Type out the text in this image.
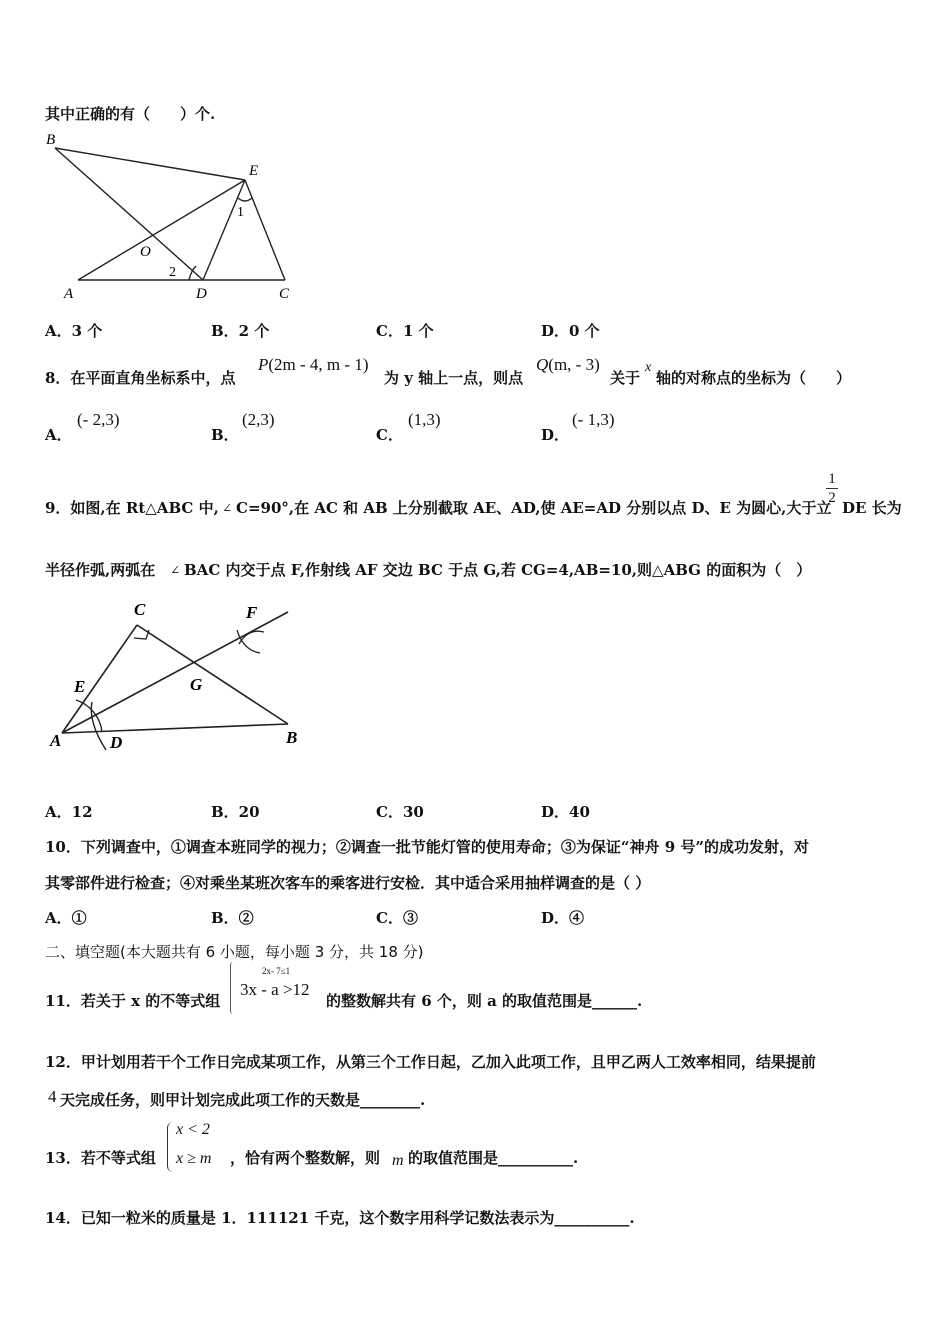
其中正确的有（　　）个.
B
E
O
A	D	C
1
2
A．3 个	B．2 个	C．1 个	D．0 个
8．在平面直角坐标系中，点
P(2m - 4, m - 1)
为 y 轴上一点，则点
Q(m, - 3)
关于
x
轴的对称点的坐标为（　　）
A．
(- 2,3)
B．
(2,3)
C．
(1,3)
D．
(- 1,3)
9．如图,在 Rt△ABC 中, ∠ C=90°,在 AC 和 AB 上分别截取 AE、AD,使 AE=AD 分别以点 D、E 为圆心,大于立
1
2
DE 长为
半径作弧,两弧在 ∠ BAC 内交于点 F,作射线 AF 交边 BC 于点 G,若 CG=4,AB=10,则△ABG 的面积为（　）
C	F
E	G
A	D	B
A．12	B．20	C．30	D．40
10．下列调查中，①调查本班同学的视力；②调查一批节能灯管的使用寿命；③为保证“神舟 9 号”的成功发射，对
其零部件进行检查；④对乘坐某班次客车的乘客进行安检．其中适合采用抽样调查的是（ ）
A．①	B．②	C．③	D．④
二、填空题(本大题共有 6 小题，每小题 3 分，共 18 分)
11．若关于 x 的不等式组
2x- 7≤1
3x - a >12
的整数解共有 6 个，则 a 的取值范围是______.
12．甲计划用若干个工作日完成某项工作，从第三个工作日起，乙加入此项工作，且甲乙两人工效率相同，结果提前
4 天完成任务，则甲计划完成此项工作的天数是________.
13．若不等式组
x < 2
x ≥ m ，恰有两个整数解，则 m 的取值范围是__________.
14．已知一粒米的质量是 1．111121 千克，这个数字用科学记数法表示为__________.
